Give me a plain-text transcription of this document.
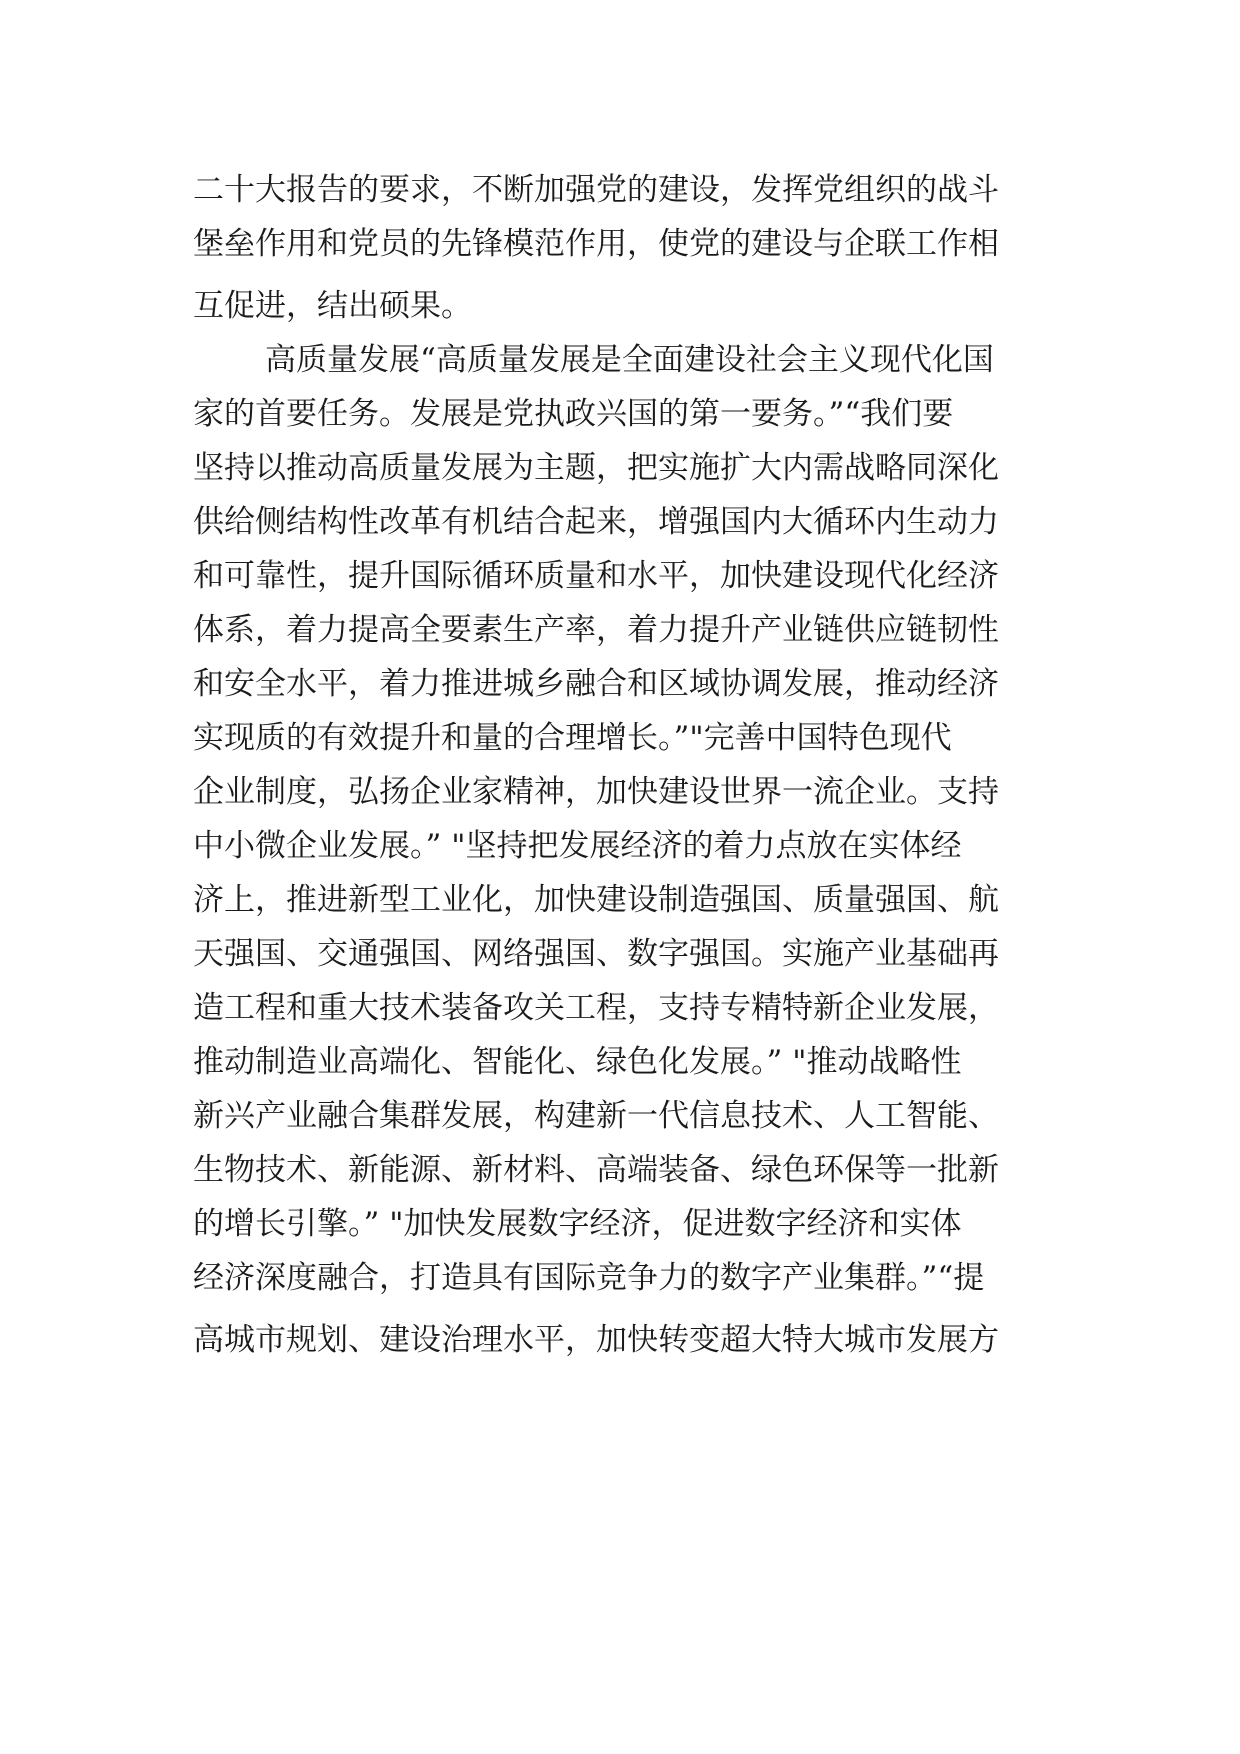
二十大报告的要求，不断加强党的建设，发挥党组织的战斗
堡垒作用和党员的先锋模范作用，使党的建设与企联工作相
互促进，结出硕果。
高质量发展“高质量发展是全面建设社会主义现代化国
家的首要任务。发展是党执政兴国的第一要务。”“我们要
坚持以推动高质量发展为主题，把实施扩大内需战略同深化
供给侧结构性改革有机结合起来，增强国内大循环内生动力
和可靠性，提升国际循环质量和水平，加快建设现代化经济
体系，着力提高全要素生产率，着力提升产业链供应链韧性
和安全水平，着力推进城乡融合和区域协调发展，推动经济
实现质的有效提升和量的合理增长。”"完善中国特色现代
企业制度，弘扬企业家精神，加快建设世界一流企业。支持
中小微企业发展。” "坚持把发展经济的着力点放在实体经
济上，推进新型工业化，加快建设制造强国、质量强国、航
天强国、交通强国、网络强国、数字强国。实施产业基础再
造工程和重大技术装备攻关工程，支持专精特新企业发展，
推动制造业高端化、智能化、绿色化发展。” "推动战略性
新兴产业融合集群发展，构建新一代信息技术、人工智能、
生物技术、新能源、新材料、高端装备、绿色环保等一批新
的增长引擎。” "加快发展数字经济，促进数字经济和实体
经济深度融合，打造具有国际竞争力的数字产业集群。”“提
高城市规划、建设治理水平，加快转变超大特大城市发展方
